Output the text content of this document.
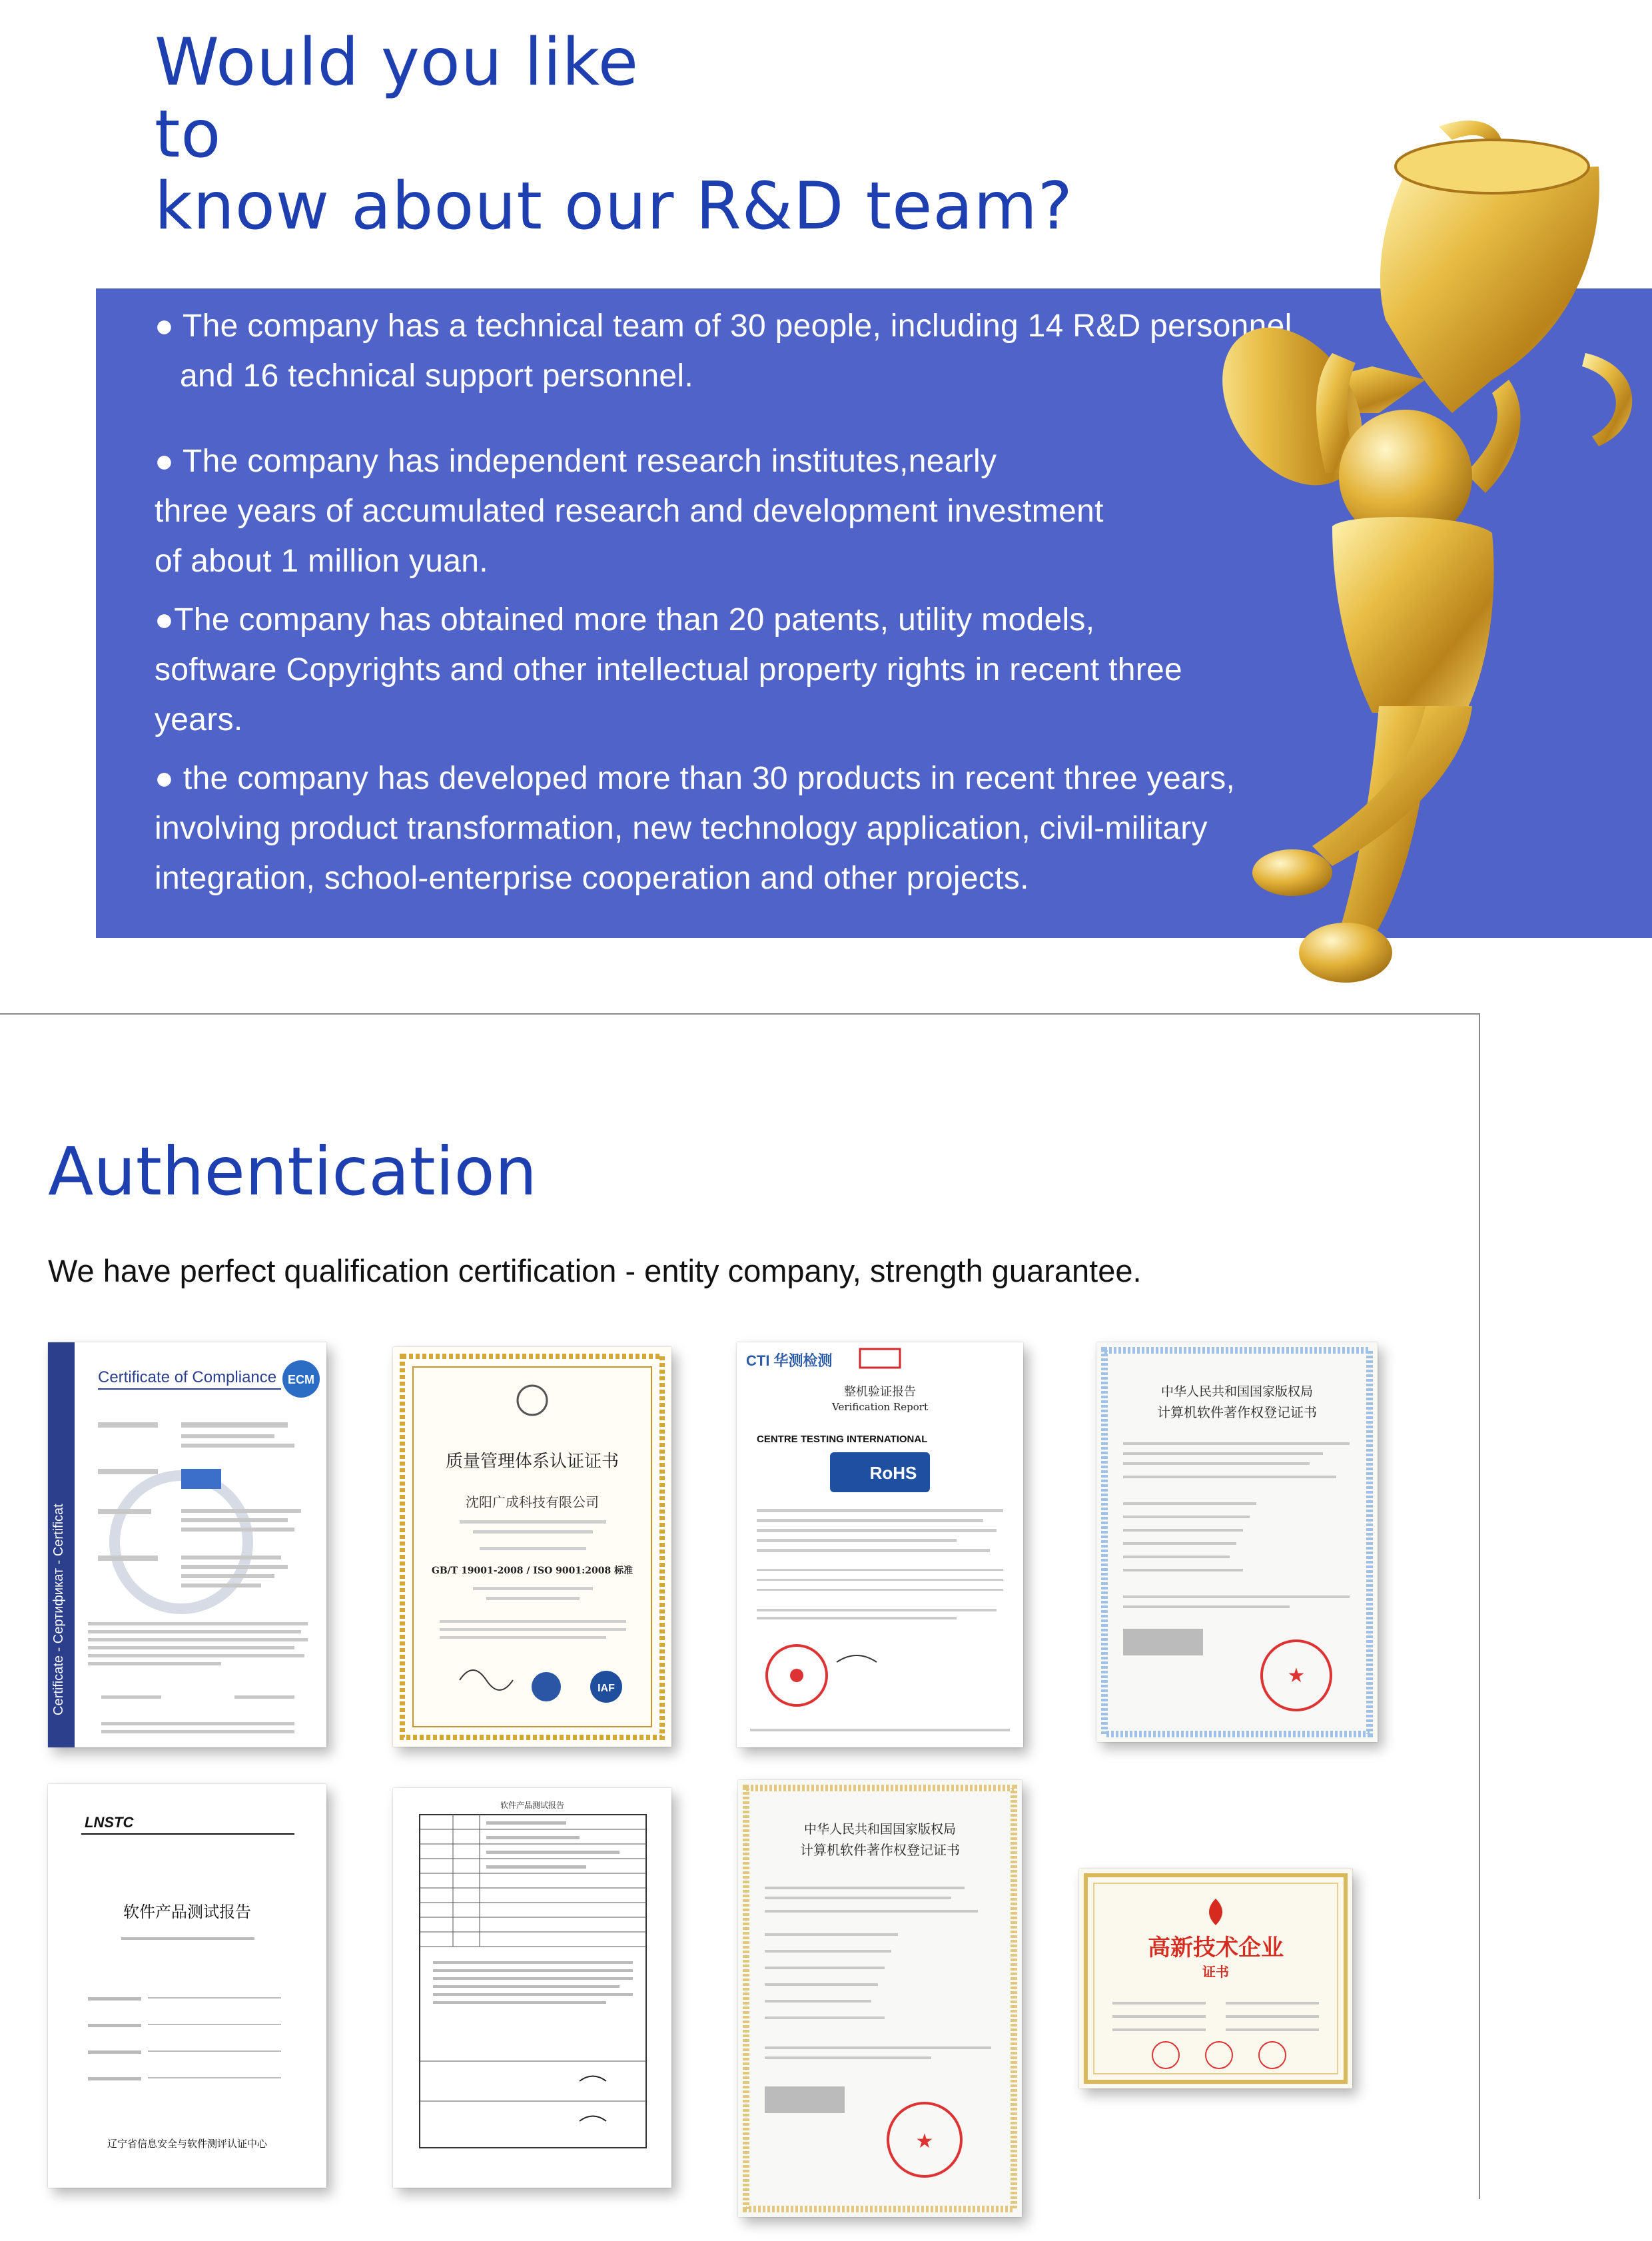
Would you like
to
know about our R&D team?

● The company has a technical team of 30 people, including 14 R&D personnel
and 16 technical support personnel.

● The company has independent research institutes,nearly
three years of accumulated research and development investment
of about 1 million yuan.

●The company has obtained more than 20 patents, utility models,
software Copyrights and other intellectual property rights in recent three
years.

● the company has developed more than 30 products in recent three years,
involving product transformation, new technology application, civil-military
integration, school-enterprise cooperation and other projects.

Authentication

We have perfect qualification certification - entity company, strength guarantee.

Certificate - Сертификат - Certificat
Certificate of Compliance ECM
质量管理体系认证证书
沈阳广成科技有限公司
GB/T 19001-2008 / ISO 9001:2008 标准
IAF
CTI 华测检测
整机验证报告
Verification Report
CENTRE TESTING INTERNATIONAL
RoHS
中华人民共和国国家版权局
计算机软件著作权登记证书
★
LNSTC
软件产品测试报告
辽宁省信息安全与软件测评认证中心
软件产品测试报告
中华人民共和国国家版权局
计算机软件著作权登记证书
★
高新技术企业
证书
